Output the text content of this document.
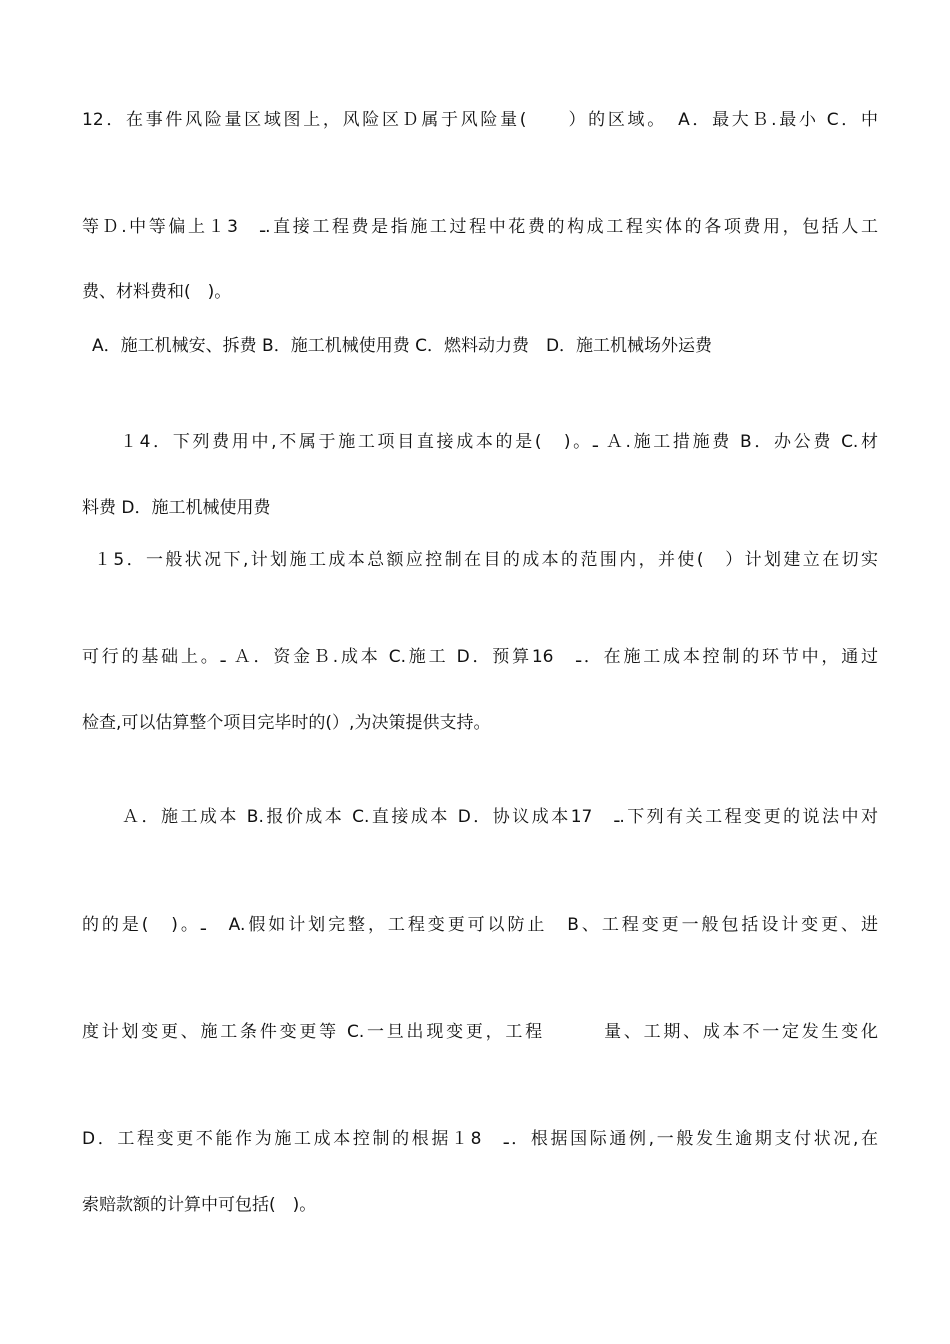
12．在事件风险量区域图上，风险区Ｄ属于风险量(　　）的区域。　A．最大Ｂ.最小 C．中
等Ｄ.中等偏上１3　ـ.直接工程费是指施工过程中花费的构成工程实体的各项费用，包括人工
费、材料费和(　)。
A．施工机械安、拆费 B．施工机械使用费 C．燃料动力费　D．施工机械场外运费
１4．下列费用中,不属于施工项目直接成本的是(　)。ـ Ａ.施工措施费 B．办公费 C.材
料费 D．施工机械使用费
１5．一般状况下,计划施工成本总额应控制在目的成本的范围内，并使(　）计划建立在切实
可行的基础上。ـ Ａ．资金Ｂ.成本 C.施工 D．预算16　ـ．在施工成本控制的环节中，通过
检查,可以估算整个项目完毕时的(）,为决策提供支持。
Ａ．施工成本 B.报价成本 C.直接成本 D．协议成本17　ـ.下列有关工程变更的说法中对
的的是(　)。ـ　A.假如计划完整，工程变更可以防止　B、工程变更一般包括设计变更、进
度计划变更、施工条件变更等 C.一旦出现变更，工程　　　量、工期、成本不一定发生变化
D．工程变更不能作为施工成本控制的根据１8　ـ．根据国际通例,一般发生逾期支付状况,在
索赔款额的计算中可包括(　)。
